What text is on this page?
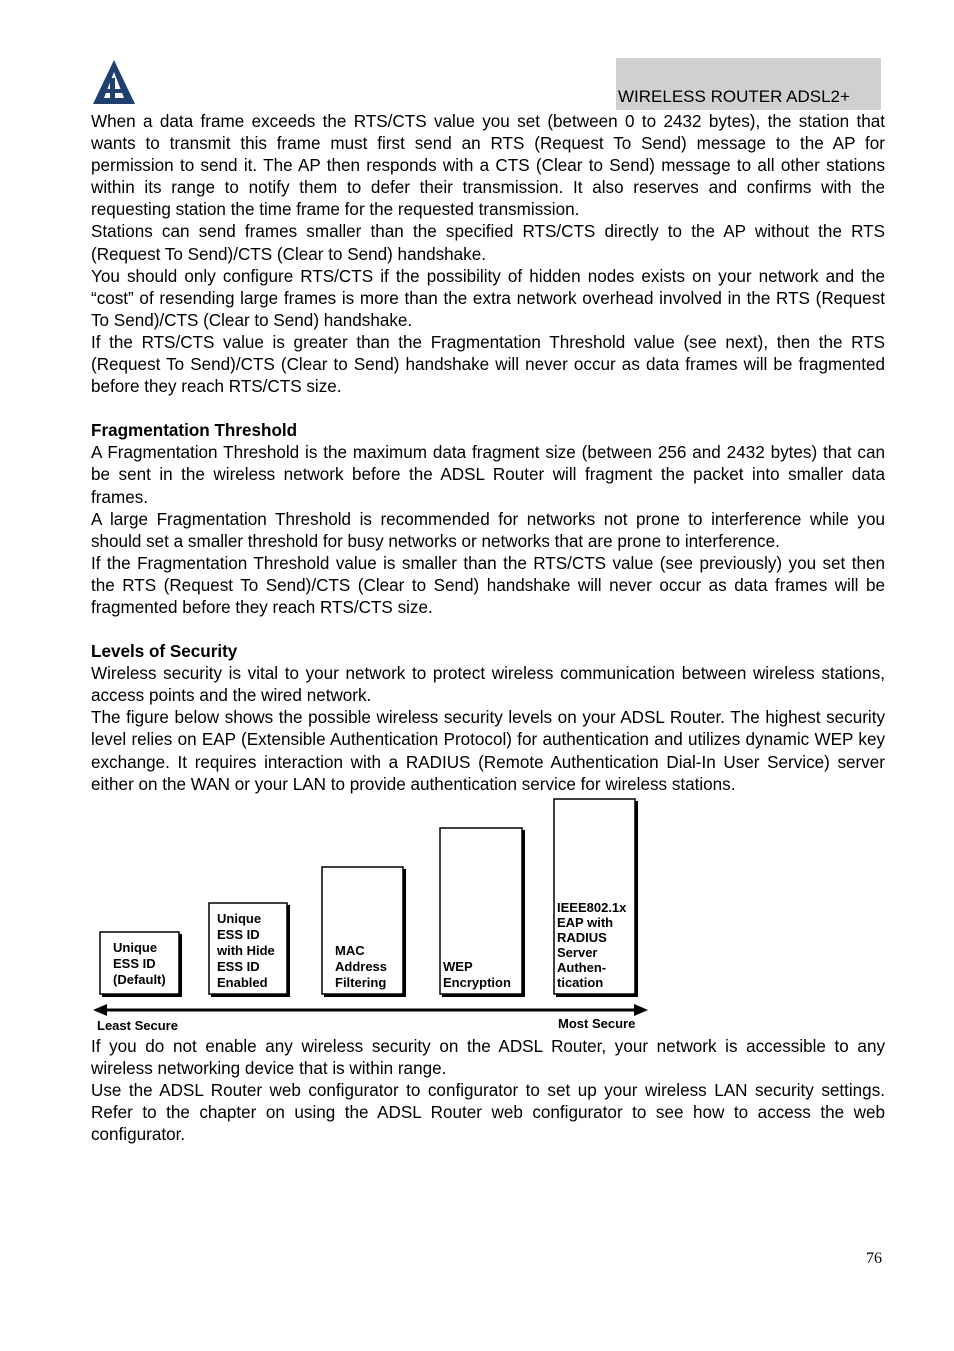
WIRELESS ROUTER ADSL2+

When a data frame exceeds the RTS/CTS value you set (between 0 to 2432 bytes), the station that wants to transmit this frame must first send an RTS (Request To Send) message to the AP for permission to send it. The AP then responds with a CTS (Clear to Send) message to all other stations within its range to notify them to defer their transmission. It also reserves and confirms with the requesting station the time frame for the requested transmission.

Stations can send frames smaller than the specified RTS/CTS directly to the AP without the RTS (Request To Send)/CTS (Clear to Send) handshake.

You should only configure RTS/CTS if the possibility of hidden nodes exists on your network and the “cost” of resending large frames is more than the extra network overhead involved in the RTS (Request To Send)/CTS (Clear to Send) handshake.

If the RTS/CTS value is greater than the Fragmentation Threshold value (see next), then the RTS (Request To Send)/CTS (Clear to Send) handshake will never occur as data frames will be fragmented before they reach RTS/CTS size.

Fragmentation Threshold

A Fragmentation Threshold is the maximum data fragment size (between 256 and 2432 bytes) that can be sent in the wireless network before the ADSL Router will fragment the packet into smaller data frames.

A large Fragmentation Threshold is recommended for networks not prone to interference while you should set a smaller threshold for busy networks or networks that are prone to interference.

If the Fragmentation Threshold value is smaller than the RTS/CTS value (see previously) you set then the RTS (Request To Send)/CTS (Clear to Send) handshake will never occur as data frames will be fragmented before they reach RTS/CTS size.

Levels of Security

Wireless security is vital to your network to protect wireless communication between wireless stations, access points and the wired network.

The figure below shows the possible wireless security levels on your ADSL Router. The highest security level relies on EAP (Extensible Authentication Protocol) for authentication and utilizes dynamic WEP key exchange. It requires interaction with a RADIUS (Remote Authentication Dial-In User Service) server either on the WAN or your LAN to provide authentication service for wireless stations.

Unique
ESS ID
(Default)
Unique
ESS ID
with Hide
ESS ID
Enabled
MAC
Address
Filtering
WEP
Encryption
IEEE802.1x
EAP with
RADIUS
Server
Authen-
tication
Least Secure	Most Secure

If you do not enable any wireless security on the ADSL Router, your network is accessible to any wireless networking device that is within range.

Use the ADSL Router web configurator to configurator to set up your wireless LAN security settings. Refer to the chapter on using the ADSL Router web configurator to see how to access the web configurator.

76
